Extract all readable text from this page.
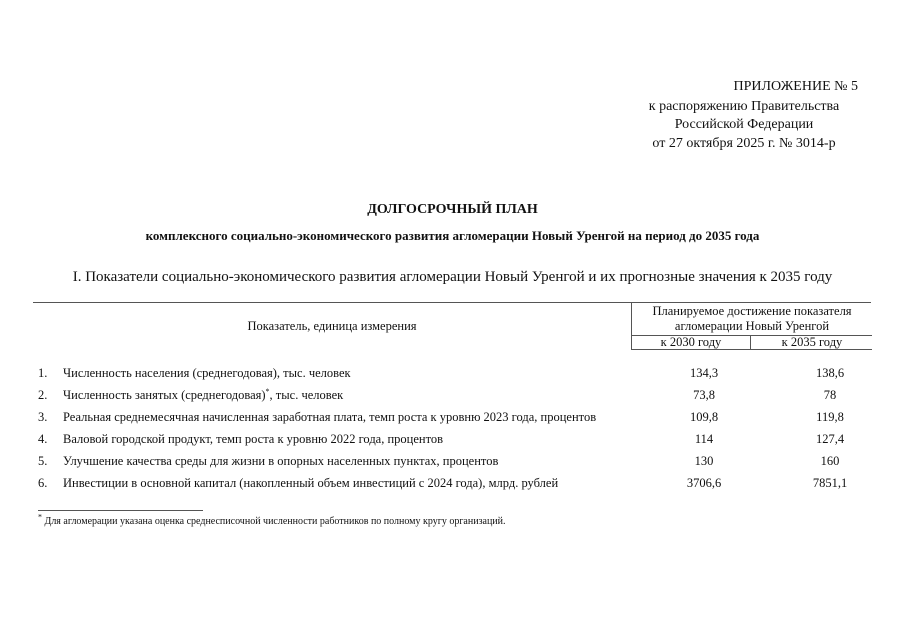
ПРИЛОЖЕНИЕ № 5
к распоряжению Правительства
Российской Федерации
от 27 октября 2025 г. № 3014-р
ДОЛГОСРОЧНЫЙ ПЛАН
комплексного социально-экономического развития агломерации Новый Уренгой на период до 2035 года
I. Показатели социально-экономического развития агломерации Новый Уренгой и их прогнозные значения к 2035 году
Показатель, единица измерения
Планируемое достижение показателя
агломерации Новый Уренгой
к 2030 году	к 2035 году
1. Численность населения (среднегодовая), тыс. человек	134,3	138,6
2. Численность занятых (среднегодовая)*, тыс. человек	73,8	78
3. Реальная среднемесячная начисленная заработная плата, темп роста к уровню 2023 года, процентов	109,8	119,8
4. Валовой городской продукт, темп роста к уровню 2022 года, процентов	114	127,4
5. Улучшение качества среды для жизни в опорных населенных пунктах, процентов	130	160
6. Инвестиции в основной капитал (накопленный объем инвестиций с 2024 года), млрд. рублей	3706,6	7851,1
* Для агломерации указана оценка среднесписочной численности работников по полному кругу организаций.
